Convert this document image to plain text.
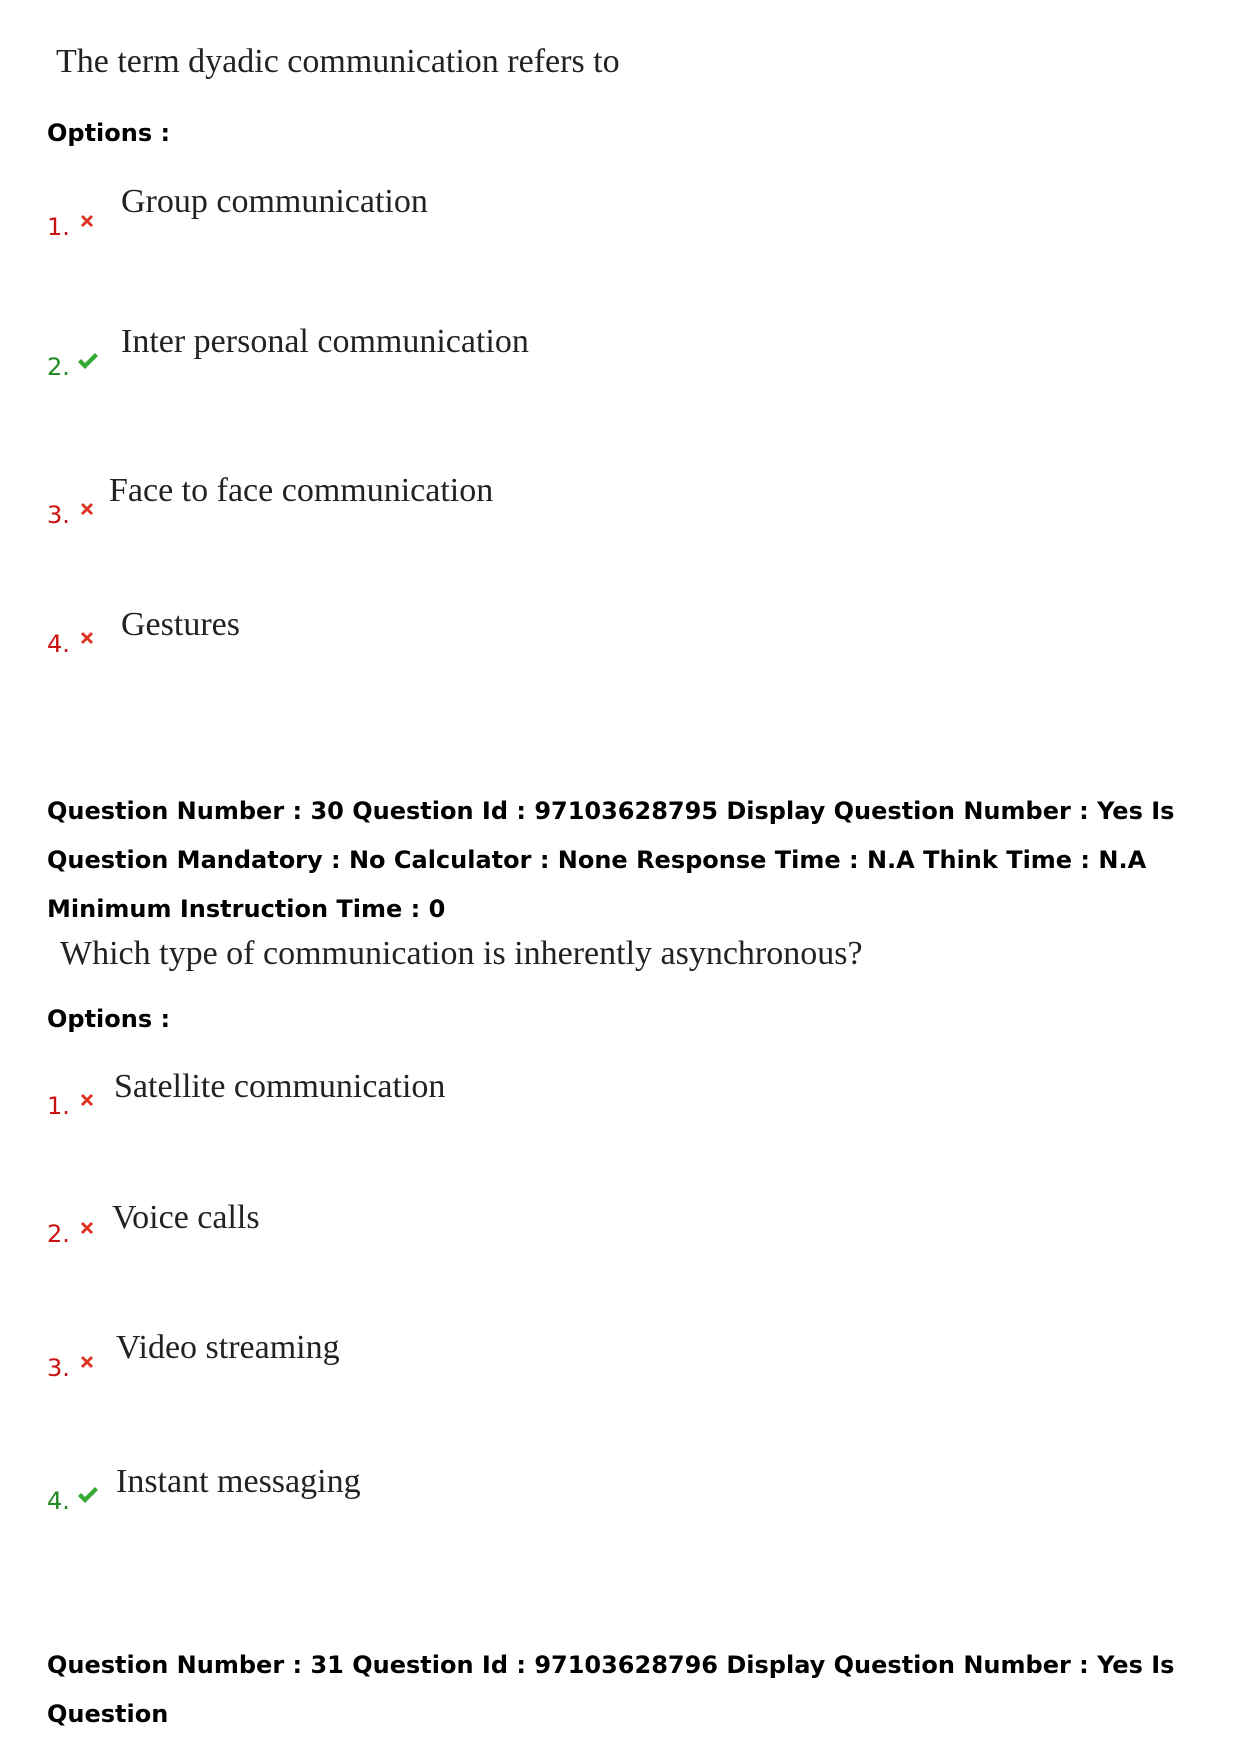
The term dyadic communication refers to
Options :
1.
Group communication
2.
Inter personal communication
3.
Face to face communication
4.
Gestures
Question Number : 30 Question Id : 97103628795 Display Question Number : Yes Is Question Mandatory : No Calculator : None Response Time : N.A Think Time : N.A Minimum Instruction Time : 0
Which type of communication is inherently asynchronous?
Options :
1.
Satellite communication
2. Voice calls
3.
Video streaming
4.
Instant messaging
Question Number : 31 Question Id : 97103628796 Display Question Number : Yes Is Question
